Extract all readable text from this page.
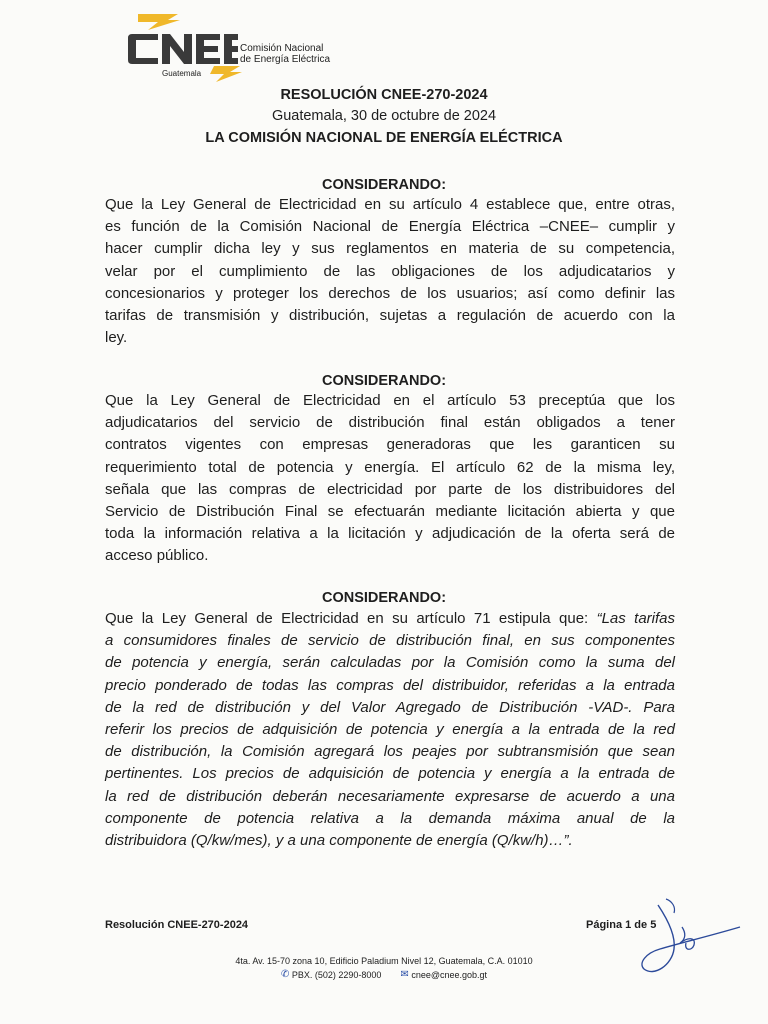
Comisión Nacional
de Energía Eléctrica
Guatemala
RESOLUCIÓN CNEE-270-2024
Guatemala, 30 de octubre de 2024
LA COMISIÓN NACIONAL DE ENERGÍA ELÉCTRICA
CONSIDERANDO:
Que la Ley General de Electricidad en su artículo 4 establece que, entre otras,
es función de la Comisión Nacional de Energía Eléctrica –CNEE– cumplir y
hacer cumplir dicha ley y sus reglamentos en materia de su competencia,
velar por el cumplimiento de las obligaciones de los adjudicatarios y
concesionarios y proteger los derechos de los usuarios; así como definir las
tarifas de transmisión y distribución, sujetas a regulación de acuerdo con la
ley.
CONSIDERANDO:
Que la Ley General de Electricidad en el artículo 53 preceptúa que los
adjudicatarios del servicio de distribución final están obligados a tener
contratos vigentes con empresas generadoras que les garanticen su
requerimiento total de potencia y energía. El artículo 62 de la misma ley,
señala que las compras de electricidad por parte de los distribuidores del
Servicio de Distribución Final se efectuarán mediante licitación abierta y que
toda la información relativa a la licitación y adjudicación de la oferta será de
acceso público.
CONSIDERANDO:
Que la Ley General de Electricidad en su artículo 71 estipula que: “Las tarifas
a consumidores finales de servicio de distribución final, en sus componentes
de potencia y energía, serán calculadas por la Comisión como la suma del
precio ponderado de todas las compras del distribuidor, referidas a la entrada
de la red de distribución y del Valor Agregado de Distribución -VAD-. Para
referir los precios de adquisición de potencia y energía a la entrada de la red
de distribución, la Comisión agregará los peajes por subtransmisión que sean
pertinentes. Los precios de adquisición de potencia y energía a la entrada de
la red de distribución deberán necesariamente expresarse de acuerdo a una
componente de potencia relativa a la demanda máxima anual de la
distribuidora (Q/kw/mes), y a una componente de energía (Q/kw/h)…”.
Resolución CNEE-270-2024	Página 1 de 5
4ta. Av. 15-70 zona 10, Edificio Paladium Nivel 12, Guatemala, C.A. 01010
✆ PBX. (502) 2290-8000 ✉ cnee@cnee.gob.gt
